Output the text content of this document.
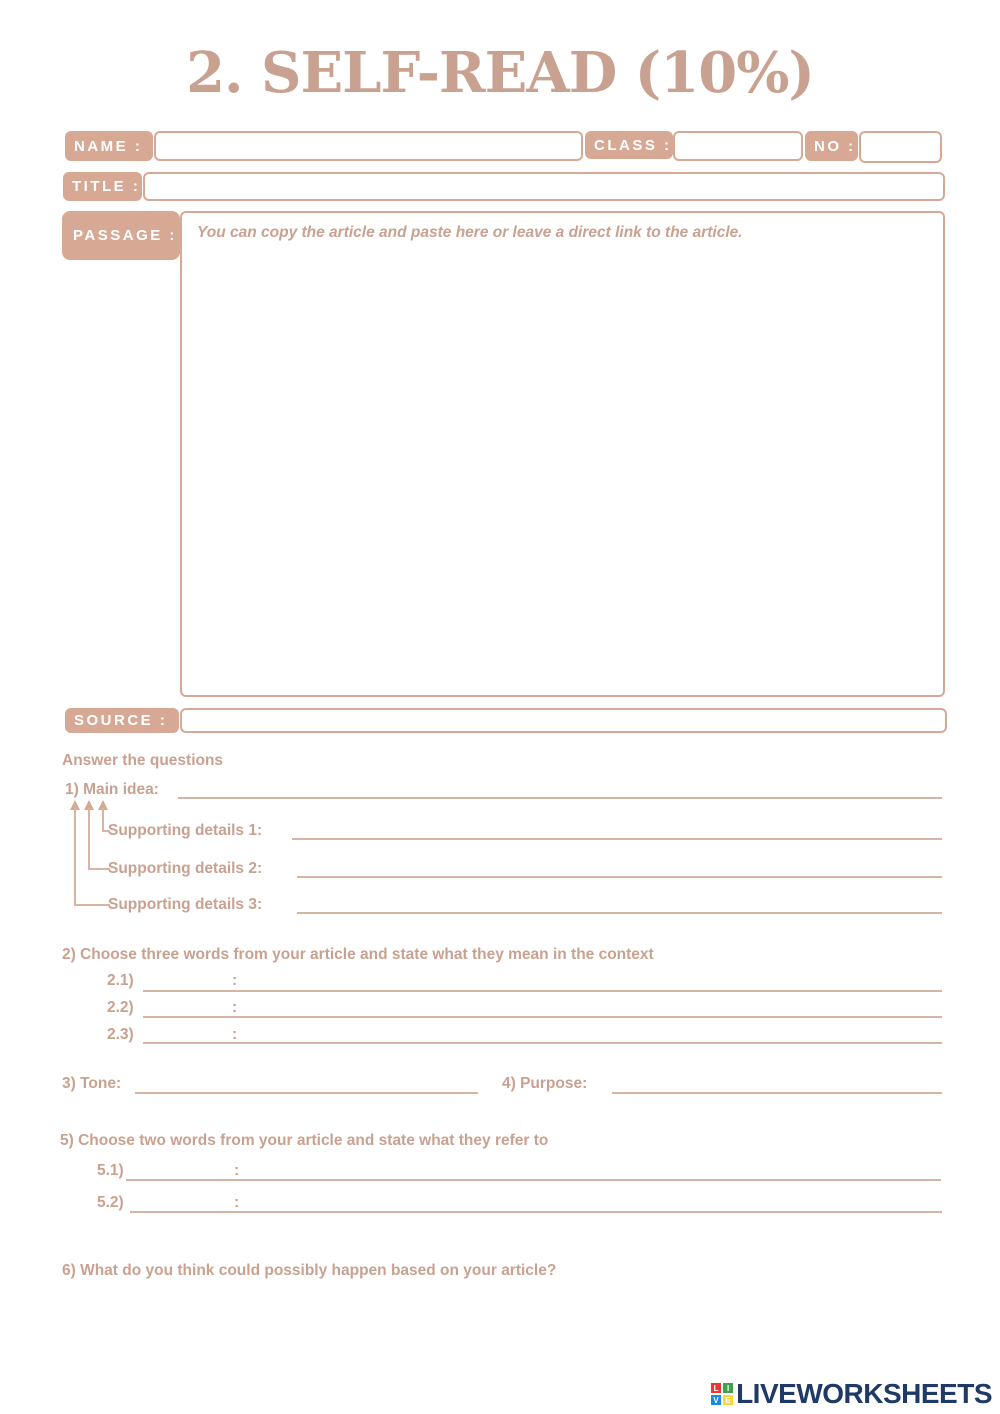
2. SELF-READ (10%)
NAME :	CLASS :	NO :
TITLE :
PASSAGE : You can copy the article and paste here or leave a direct link to the article.
SOURCE :
Answer the questions
1) Main idea:
Supporting details 1:
Supporting details 2:
Supporting details 3:
2) Choose three words from your article and state what they mean in the context
2.1)	:
2.2)	:
2.3)	:
3) Tone:	4) Purpose:
5) Choose two words from your article and state what they refer to
5.1)	:
5.2)	:
6) What do you think could possibly happen based on your article?
L	I
V E LIVEWORKSHEETS
